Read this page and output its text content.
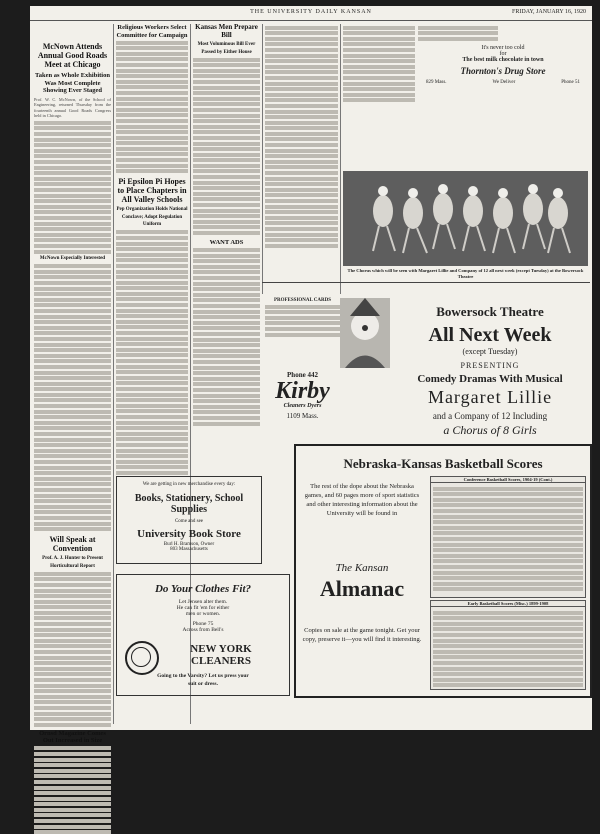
THE UNIVERSITY DAILY KANSAN	FRIDAY, JANUARY 16, 1920
McNown Attends Annual Good Roads Meet at Chicago
Taken as Whole Exhibition Was Most Complete Showing Ever Staged

Prof. W. C. McNown, of the School of Engineering, returned Thursday from the fourteenth annual Good Roads Congress held in Chicago.

McNown Especially Interested
Will Speak at Convention
Prof. A. J. Hunter to Present Horticultural Report
Ornsd Magazine Comes Out Increased in Size
Religious Workers Select Committee for Campaign
Pi Epsilon Pi Hopes to Place Chapters in All Valley Schools
Pep Organization Holds National Conclave; Adopt Regulation Uniform
Kansas Men Prepare Bill
Most Voluminous Bill Ever Passed by Either House
WANT ADS
It's never too cold
for
The best milk chocolate in town
Thornton's Drug Store
829 Mass.	We Deliver	Phone 51
The Chorus which will be seen with Margaret Lillie and Company of 12 all next week (except Tuesday) at the Bowersock Theatre
PROFESSIONAL CARDS
Phone 442
Kirby
Cleaners Dyers
1109 Mass.
Bowersock Theatre
All Next Week
(except Tuesday)
PRESENTING
Comedy Dramas With Musical
Margaret Lillie
and a Company of 12 Including
a Chorus of 8 Girls
We are getting in new merchandise every day:
Books, Stationery, School Supplies
Come and see
University Book Store
Burl H. Bramson, Owner
803 Massachusetts
Do Your Clothes Fit?
Let Jensen alter them.
He can fit 'em for either
men or women.
Phone 75
Across from Bell's
NEW YORK CLEANERS
Going to the Varsity? Let us press your
suit or dress.
Nebraska-Kansas Basketball Scores
The rest of the dope about the Nebraska games, and 60 pages more of sport statistics and other interesting information about the University will be found in
The Kansan
Almanac
Copies on sale at the game tonight. Get your copy, preserve it—you will find it interesting.
Conference Basketball Scores, 1904-19 (Cont.)
Early Basketball Scores (Misc.) 1899-1908
